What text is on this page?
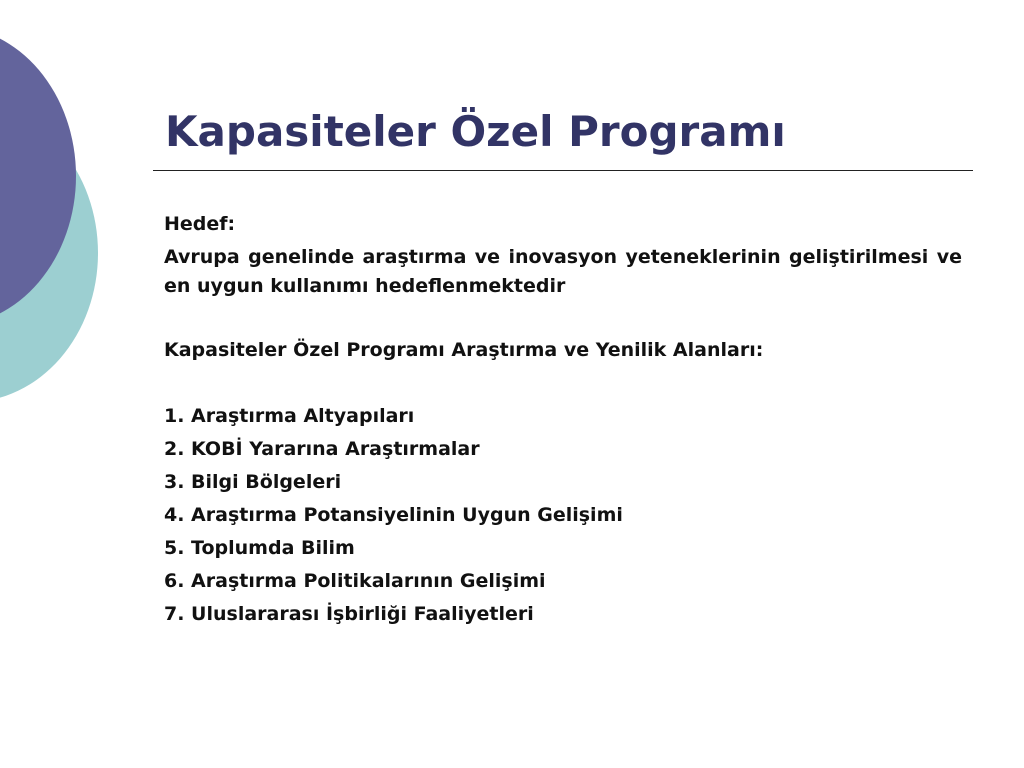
Kapasiteler Özel Programı

Hedef:

Avrupa genelinde araştırma ve inovasyon yeteneklerinin geliştirilmesi ve en uygun kullanımı hedeflenmektedir

Kapasiteler Özel Programı Araştırma ve Yenilik Alanları:

1. Araştırma Altyapıları
2. KOBİ Yararına Araştırmalar
3. Bilgi Bölgeleri
4. Araştırma Potansiyelinin Uygun Gelişimi
5. Toplumda Bilim
6. Araştırma Politikalarının Gelişimi
7. Uluslararası İşbirliği Faaliyetleri
